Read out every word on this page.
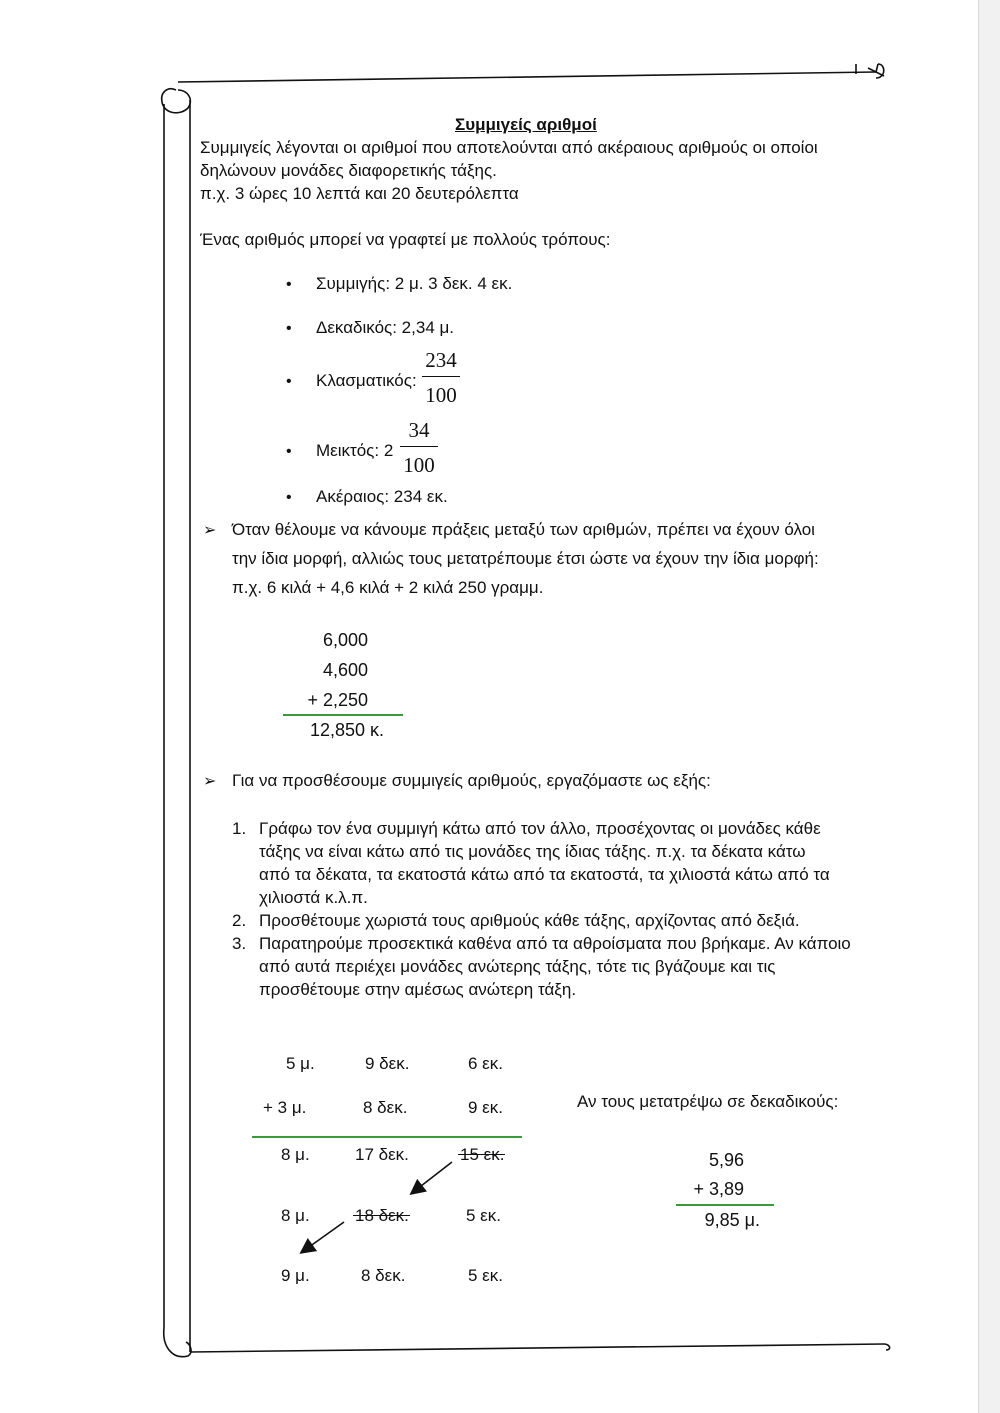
Συμμιγείς αριθμοί
Συμμιγείς λέγονται οι αριθμοί που αποτελούνται από ακέραιους αριθμούς οι οποίοι
δηλώνουν μονάδες διαφορετικής τάξης.
π.χ. 3 ώρες 10 λεπτά και 20 δευτερόλεπτα
Ένας αριθμός μπορεί να γραφτεί με πολλούς τρόπους:
• Συμμιγής: 2 μ. 3 δεκ. 4 εκ.
• Δεκαδικός: 2,34 μ.
• Κλασματικός:
234
100
• Μεικτός: 2
34
100
• Ακέραιος: 234 εκ.
➢ Όταν θέλουμε να κάνουμε πράξεις μεταξύ των αριθμών, πρέπει να έχουν όλοι
την ίδια μορφή, αλλιώς τους μετατρέπουμε έτσι ώστε να έχουν την ίδια μορφή:
π.χ. 6 κιλά + 4,6 κιλά + 2 κιλά 250 γραμμ.
6,000
4,600
+ 2,250
12,850 κ.
➢ Για να προσθέσουμε συμμιγείς αριθμούς, εργαζόμαστε ως εξής:
1. Γράφω τον ένα συμμιγή κάτω από τον άλλο, προσέχοντας οι μονάδες κάθε
τάξης να είναι κάτω από τις μονάδες της ίδιας τάξης. π.χ. τα δέκατα κάτω
από τα δέκατα, τα εκατοστά κάτω από τα εκατοστά, τα χιλιοστά κάτω από τα
χιλιοστά κ.λ.π.
2. Προσθέτουμε χωριστά τους αριθμούς κάθε τάξης, αρχίζοντας από δεξιά.
3. Παρατηρούμε προσεκτικά καθένα από τα αθροίσματα που βρήκαμε. Αν κάποιο
από αυτά περιέχει μονάδες ανώτερης τάξης, τότε τις βγάζουμε και τις
προσθέτουμε στην αμέσως ανώτερη τάξη.
5 μ.	9 δεκ.	6 εκ.
+ 3 μ.	8 δεκ.	9 εκ.
8 μ.	17 δεκ.	15 εκ.
8 μ.	18 δεκ.	5 εκ.
9 μ.	8 δεκ.	5 εκ.
Αν τους μετατρέψω σε δεκαδικούς:
5,96
+ 3,89
9,85 μ.
